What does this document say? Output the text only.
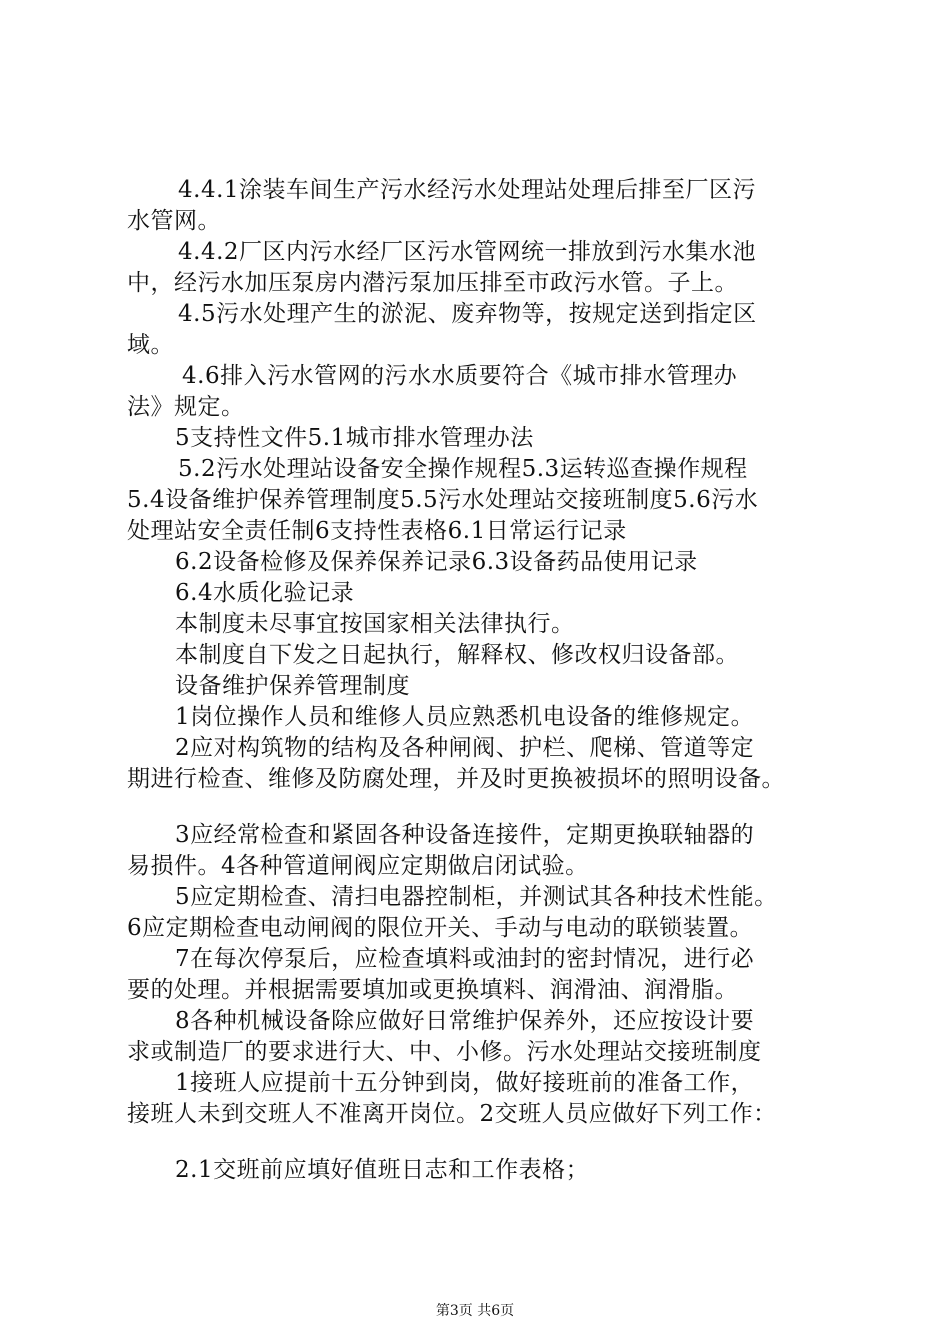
4.4.1涂装车间生产污水经污水处理站处理后排至厂区污
水管网。
4.4.2厂区内污水经厂区污水管网统一排放到污水集水池
中，经污水加压泵房内潜污泵加压排至市政污水管。子上。
4.5污水处理产生的淤泥、废弃物等，按规定送到指定区
域。
4.6排入污水管网的污水水质要符合《城市排水管理办
法》规定。
5支持性文件5.1城市排水管理办法
5.2污水处理站设备安全操作规程5.3运转巡查操作规程
5.4设备维护保养管理制度5.5污水处理站交接班制度5.6污水
处理站安全责任制6支持性表格6.1日常运行记录
6.2设备检修及保养保养记录6.3设备药品使用记录
6.4水质化验记录
本制度未尽事宜按国家相关法律执行。
本制度自下发之日起执行，解释权、修改权归设备部。
设备维护保养管理制度
1岗位操作人员和维修人员应熟悉机电设备的维修规定。
2应对构筑物的结构及各种闸阀、护栏、爬梯、管道等定
期进行检查、维修及防腐处理，并及时更换被损坏的照明设备。
3应经常检查和紧固各种设备连接件，定期更换联轴器的
易损件。4各种管道闸阀应定期做启闭试验。
5应定期检查、清扫电器控制柜，并测试其各种技术性能。
6应定期检查电动闸阀的限位开关、手动与电动的联锁装置。
7在每次停泵后，应检查填料或油封的密封情况，进行必
要的处理。并根据需要填加或更换填料、润滑油、润滑脂。
8各种机械设备除应做好日常维护保养外，还应按设计要
求或制造厂的要求进行大、中、小修。污水处理站交接班制度
1接班人应提前十五分钟到岗，做好接班前的准备工作，
接班人未到交班人不准离开岗位。2交班人员应做好下列工作：
2.1交班前应填好值班日志和工作表格；
第3页 共6页
